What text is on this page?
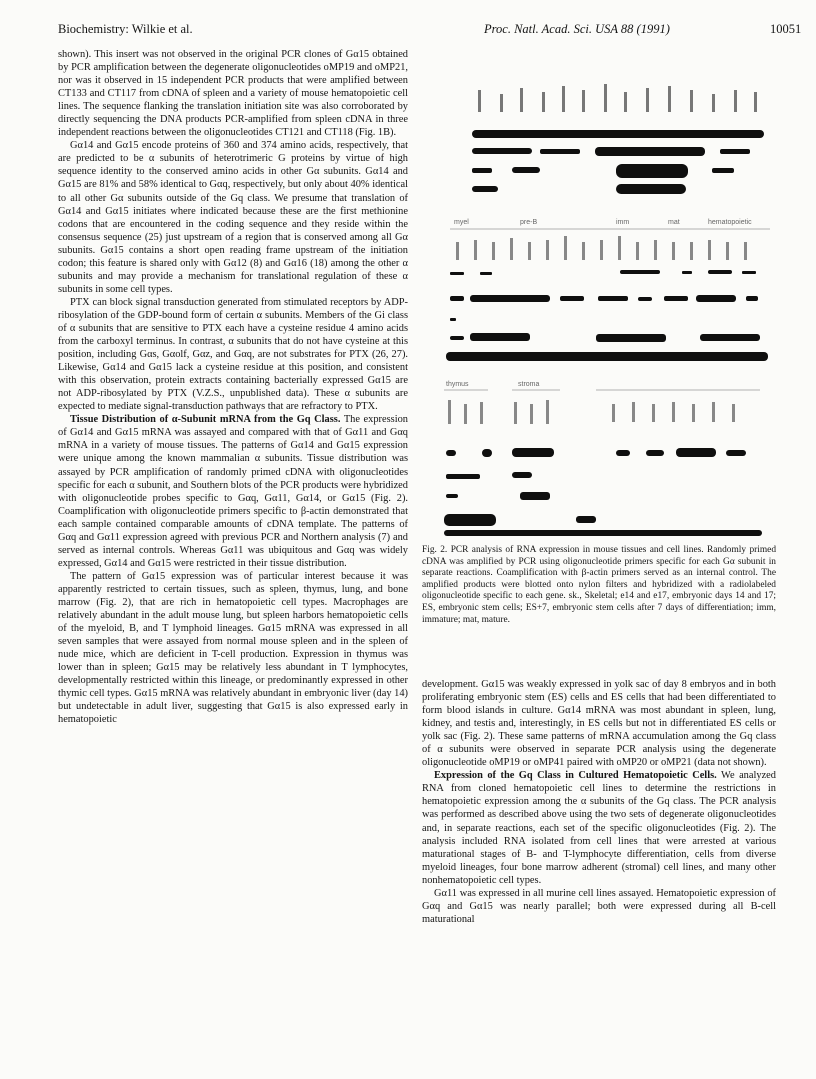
Biochemistry: Wilkie et al.	Proc. Natl. Acad. Sci. USA 88 (1991)	10051

shown). This insert was not observed in the original PCR clones of Gα15 obtained by PCR amplification between the degenerate oligonucleotides oMP19 and oMP21, nor was it observed in 15 independent PCR products that were amplified between CT133 and CT117 from cDNA of spleen and a variety of mouse hematopoietic cell lines. The sequence flanking the translation initiation site was also corroborated by directly sequencing the DNA products PCR-amplified from spleen cDNA in three independent reactions between the oligonucleotides CT121 and CT118 (Fig. 1B).

Gα14 and Gα15 encode proteins of 360 and 374 amino acids, respectively, that are predicted to be α subunits of heterotrimeric G proteins by virtue of high sequence identity to the conserved amino acids in other Gα subunits. Gα14 and Gα15 are 81% and 58% identical to Gαq, respectively, but only about 40% identical to all other Gα subunits outside of the Gq class. We presume that translation of Gα14 and Gα15 initiates where indicated because these are the first methionine codons that are encountered in the coding sequence and they reside within the consensus sequence (25) just upstream of a region that is conserved among all Gα subunits. Gα15 contains a short open reading frame upstream of the initiation codon; this feature is shared only with Gα12 (8) and Gα16 (18) among the other α subunits and may provide a mechanism for translational regulation of these α subunits in some cell types.

PTX can block signal transduction generated from stimulated receptors by ADP-ribosylation of the GDP-bound form of certain α subunits. Members of the Gi class of α subunits that are sensitive to PTX each have a cysteine residue 4 amino acids from the carboxyl terminus. In contrast, α subunits that do not have cysteine at this position, including Gαs, Gαolf, Gαz, and Gαq, are not substrates for PTX (26, 27). Likewise, Gα14 and Gα15 lack a cysteine residue at this position, and consistent with this observation, protein extracts containing bacterially expressed Gα15 are not ADP-ribosylated by PTX (V.Z.S., unpublished data). These α subunits are expected to mediate signal-transduction pathways that are refractory to PTX.

Tissue Distribution of α-Subunit mRNA from the Gq Class. The expression of Gα14 and Gα15 mRNA was assayed and compared with that of Gα11 and Gαq mRNA in a variety of mouse tissues. The patterns of Gα14 and Gα15 expression were unique among the known mammalian α subunits. Tissue distribution was assayed by PCR amplification of randomly primed cDNA with oligonucleotides specific for each α subunit, and Southern blots of the PCR products were hybridized with oligonucleotide probes specific to Gαq, Gα11, Gα14, or Gα15 (Fig. 2). Coamplification with oligonucleotide primers specific to β-actin demonstrated that each sample contained comparable amounts of cDNA template. The patterns of Gαq and Gα11 expression agreed with previous PCR and Northern analysis (7) and served as internal controls. Whereas Gα11 was ubiquitous and Gαq was widely expressed, Gα14 and Gα15 were restricted in their tissue distribution.

The pattern of Gα15 expression was of particular interest because it was apparently restricted to certain tissues, such as spleen, thymus, lung, and bone marrow (Fig. 2), that are rich in hematopoietic cell types. Macrophages are relatively abundant in the adult mouse lung, but spleen harbors hematopoietic cells of the myeloid, B, and T lymphoid lineages. Gα15 mRNA was expressed in all seven samples that were assayed from normal mouse spleen and in the spleen of nude mice, which are deficient in T-cell production. Expression in thymus was lower than in spleen; Gα15 may be relatively less abundant in T lymphocytes, developmentally restricted within this lineage, or predominantly expressed in other thymic cell types. Gα15 mRNA was relatively abundant in embryonic liver (day 14) but undetectable in adult liver, suggesting that Gα15 is also expressed early in hematopoietic

myel	pre-B	imm	mat	hematopoietic
thymus	stroma
Fig. 2. PCR analysis of RNA expression in mouse tissues and cell lines. Randomly primed cDNA was amplified by PCR using oligonucleotide primers specific for each Gα subunit in separate reactions. Coamplification with β-actin primers served as an internal control. The amplified products were blotted onto nylon filters and hybridized with a radiolabeled oligonucleotide specific to each gene. sk., Skeletal; e14 and e17, embryonic days 14 and 17; ES, embryonic stem cells; ES+7, embryonic stem cells after 7 days of differentiation; imm, immature; mat, mature.

development. Gα15 was weakly expressed in yolk sac of day 8 embryos and in both proliferating embryonic stem (ES) cells and ES cells that had been differentiated to form blood islands in culture. Gα14 mRNA was most abundant in spleen, lung, kidney, and testis and, interestingly, in ES cells but not in differentiated ES cells or yolk sac (Fig. 2). These same patterns of mRNA accumulation among the Gq class of α subunits were observed in separate PCR analysis using the degenerate oligonucleotide oMP19 or oMP41 paired with oMP20 or oMP21 (data not shown).

Expression of the Gq Class in Cultured Hematopoietic Cells. We analyzed RNA from cloned hematopoietic cell lines to determine the restrictions in hematopoietic expression among the α subunits of the Gq class. The PCR analysis was performed as described above using the two sets of degenerate oligonucleotides and, in separate reactions, each set of the specific oligonucleotides (Fig. 2). The analysis included RNA isolated from cell lines that were arrested at various maturational stages of B- and T-lymphocyte differentiation, cells from diverse myeloid lineages, four bone marrow adherent (stromal) cell lines, and many other nonhematopoietic cell types.

Gα11 was expressed in all murine cell lines assayed. Hematopoietic expression of Gαq and Gα15 was nearly parallel; both were expressed during all B-cell maturational
